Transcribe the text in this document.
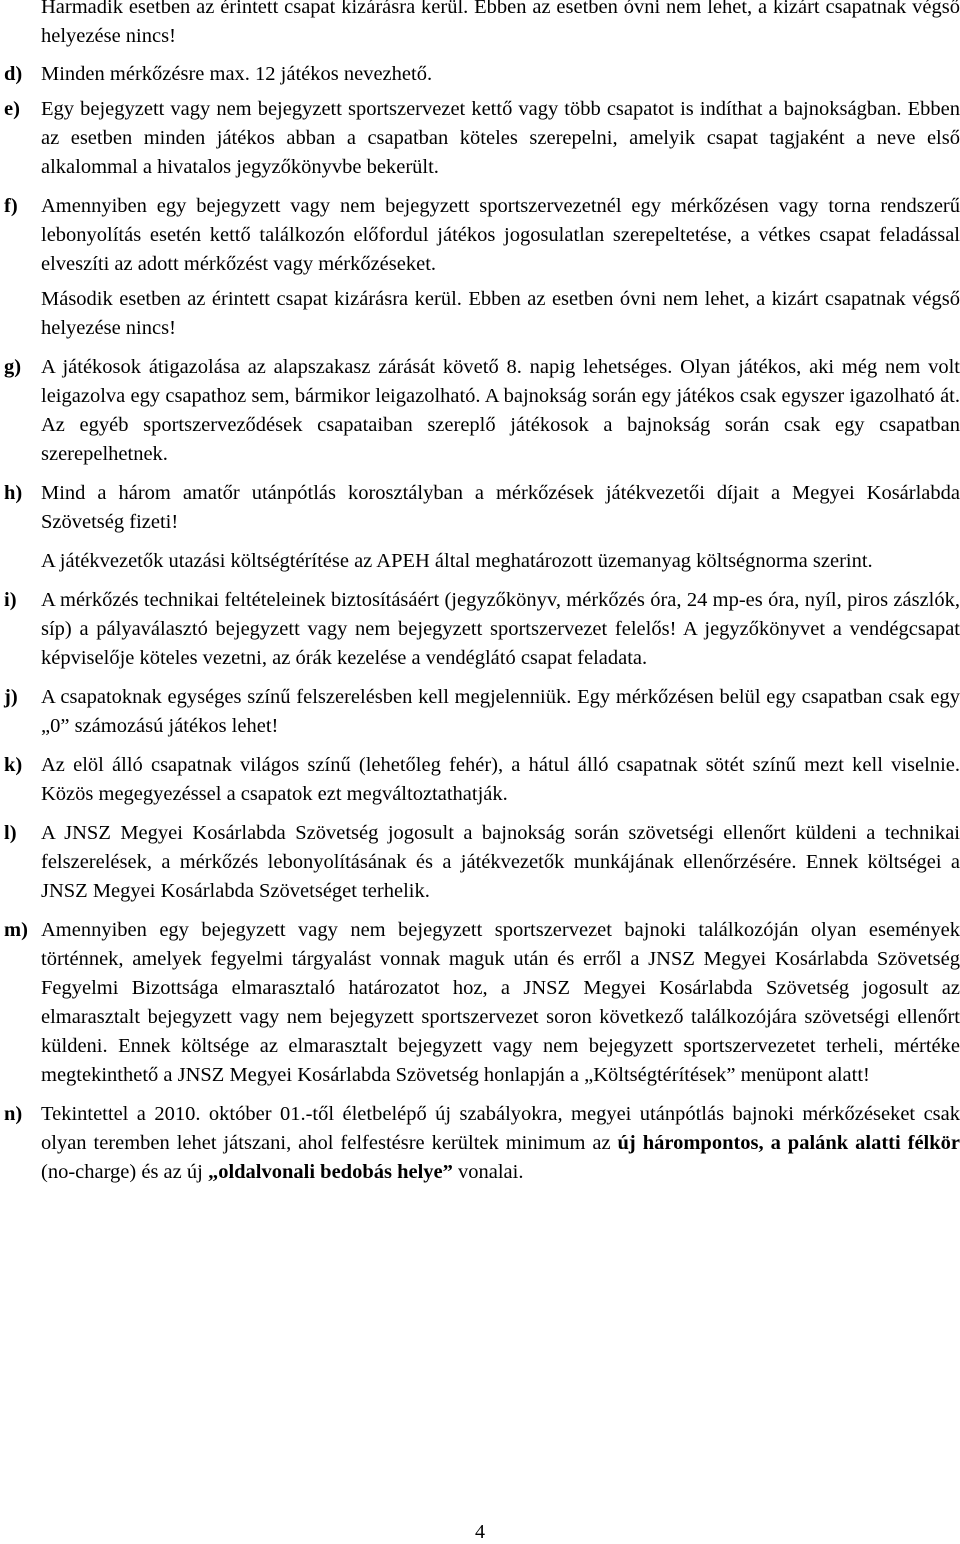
Harmadik esetben az érintett csapat kizárásra kerül. Ebben az esetben óvni nem lehet, a kizárt csapatnak végső helyezése nincs!

d) Minden mérkőzésre max. 12 játékos nevezhető.

e) Egy bejegyzett vagy nem bejegyzett sportszervezet kettő vagy több csapatot is indíthat a bajnokságban. Ebben az esetben minden játékos abban a csapatban köteles szerepelni, amelyik csapat tagjaként a neve első alkalommal a hivatalos jegyzőkönyvbe bekerült.

f) Amennyiben egy bejegyzett vagy nem bejegyzett sportszervezetnél egy mérkőzésen vagy torna rendszerű lebonyolítás esetén kettő találkozón előfordul játékos jogosulatlan szerepeltetése, a vétkes csapat feladással elveszíti az adott mérkőzést vagy mérkőzéseket.

Második esetben az érintett csapat kizárásra kerül. Ebben az esetben óvni nem lehet, a kizárt csapatnak végső helyezése nincs!

g) A játékosok átigazolása az alapszakasz zárását követő 8. napig lehetséges. Olyan játékos, aki még nem volt leigazolva egy csapathoz sem, bármikor leigazolható. A bajnokság során egy játékos csak egyszer igazolható át. Az egyéb sportszerveződések csapataiban szereplő játékosok a bajnokság során csak egy csapatban szerepelhetnek.

h) Mind a három amatőr utánpótlás korosztályban a mérkőzések játékvezetői díjait a Megyei Kosárlabda Szövetség fizeti!

A játékvezetők utazási költségtérítése az APEH által meghatározott üzemanyag költségnorma szerint.

i) A mérkőzés technikai feltételeinek biztosításáért (jegyzőkönyv, mérkőzés óra, 24 mp-es óra, nyíl, piros zászlók, síp) a pályaválasztó bejegyzett vagy nem bejegyzett sportszervezet felelős! A jegyzőkönyvet a vendégcsapat képviselője köteles vezetni, az órák kezelése a vendéglátó csapat feladata.

j) A csapatoknak egységes színű felszerelésben kell megjelenniük. Egy mérkőzésen belül egy csapatban csak egy „0” számozású játékos lehet!

k) Az elöl álló csapatnak világos színű (lehetőleg fehér), a hátul álló csapatnak sötét színű mezt kell viselnie. Közös megegyezéssel a csapatok ezt megváltoztathatják.

l) A JNSZ Megyei Kosárlabda Szövetség jogosult a bajnokság során szövetségi ellenőrt küldeni a technikai felszerelések, a mérkőzés lebonyolításának és a játékvezetők munkájának ellenőrzésére. Ennek költségei a JNSZ Megyei Kosárlabda Szövetséget terhelik.

m) Amennyiben egy bejegyzett vagy nem bejegyzett sportszervezet bajnoki találkozóján olyan események történnek, amelyek fegyelmi tárgyalást vonnak maguk után és erről a JNSZ Megyei Kosárlabda Szövetség Fegyelmi Bizottsága elmarasztaló határozatot hoz, a JNSZ Megyei Kosárlabda Szövetség jogosult az elmarasztalt bejegyzett vagy nem bejegyzett sportszervezet soron következő találkozójára szövetségi ellenőrt küldeni. Ennek költsége az elmarasztalt bejegyzett vagy nem bejegyzett sportszervezetet terheli, mértéke megtekinthető a JNSZ Megyei Kosárlabda Szövetség honlapján a „Költségtérítések” menüpont alatt!

n) Tekintettel a 2010. október 01.-től életbelépő új szabályokra, megyei utánpótlás bajnoki mérkőzéseket csak olyan teremben lehet játszani, ahol felfestésre kerültek minimum az új hárompontos, a palánk alatti félkör (no-charge) és az új „oldalvonali bedobás helye” vonalai.

4
